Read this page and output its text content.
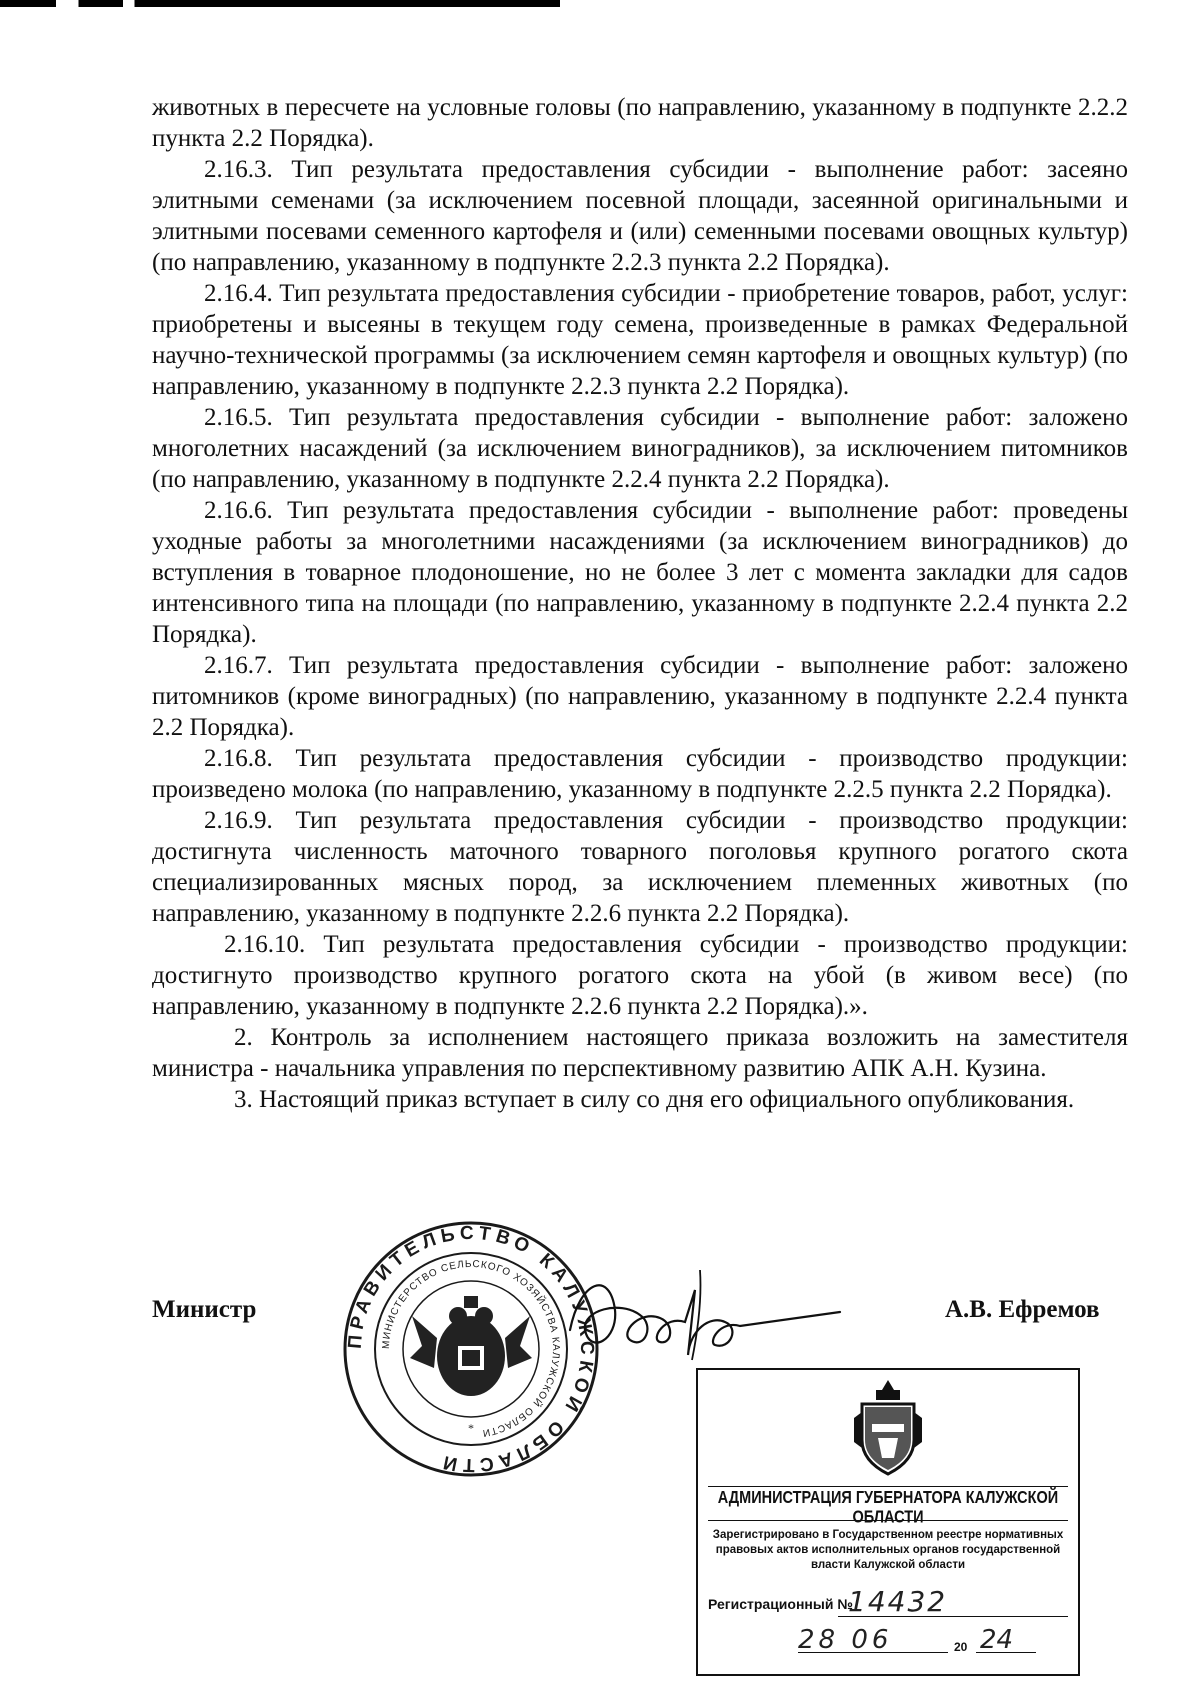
животных в пересчете на условные головы (по направлению, указанному в подпункте 2.2.2 пункта 2.2 Порядка).

2.16.3. Тип результата предоставления субсидии - выполнение работ: засеяно элитными семенами (за исключением посевной площади, засеянной оригинальными и элитными посевами семенного картофеля и (или) семенными посевами овощных культур) (по направлению, указанному в подпункте 2.2.3 пункта 2.2 Порядка).

2.16.4. Тип результата предоставления субсидии - приобретение товаров, работ, услуг: приобретены и высеяны в текущем году семена, произведенные в рамках Федеральной научно-технической программы (за исключением семян картофеля и овощных культур) (по направлению, указанному в подпункте 2.2.3 пункта 2.2 Порядка).

2.16.5. Тип результата предоставления субсидии - выполнение работ: заложено многолетних насаждений (за исключением виноградников), за исключением питомников (по направлению, указанному в подпункте 2.2.4 пункта 2.2 Порядка).

2.16.6. Тип результата предоставления субсидии - выполнение работ: проведены уходные работы за многолетними насаждениями (за исключением виноградников) до вступления в товарное плодоношение, но не более 3 лет с момента закладки для садов интенсивного типа на площади (по направлению, указанному в подпункте 2.2.4 пункта 2.2 Порядка).

2.16.7. Тип результата предоставления субсидии - выполнение работ: заложено питомников (кроме виноградных) (по направлению, указанному в подпункте 2.2.4 пункта 2.2 Порядка).

2.16.8. Тип результата предоставления субсидии - производство продукции: произведено молока (по направлению, указанному в подпункте 2.2.5 пункта 2.2 Порядка).

2.16.9. Тип результата предоставления субсидии - производство продукции: достигнута численность маточного товарного поголовья крупного рогатого скота специализированных мясных пород, за исключением племенных животных (по направлению, указанному в подпункте 2.2.6 пункта 2.2 Порядка).

2.16.10. Тип результата предоставления субсидии - производство продукции: достигнуто производство крупного рогатого скота на убой (в живом весе) (по направлению, указанному в подпункте 2.2.6 пункта 2.2 Порядка).».

2. Контроль за исполнением настоящего приказа возложить на заместителя министра - начальника управления по перспективному развитию АПК А.Н. Кузина.

3. Настоящий приказ вступает в силу со дня его официального опубликования.

Министр	А.В. Ефремов
ПРАВИТЕЛЬСТВО КАЛУЖСКОЙ ОБЛАСТИ
МИНИСТЕРСТВО СЕЛЬСКОГО ХОЗЯЙСТВА КАЛУЖСКОЙ ОБЛАСТИ
*
АДМИНИСТРАЦИЯ ГУБЕРНАТОРА КАЛУЖСКОЙ ОБЛАСТИ
Зарегистрировано в Государственном реестре нормативных правовых актов исполнительных органов государственной власти Калужской области
Регистрационный №
14432
28 06	20 24
